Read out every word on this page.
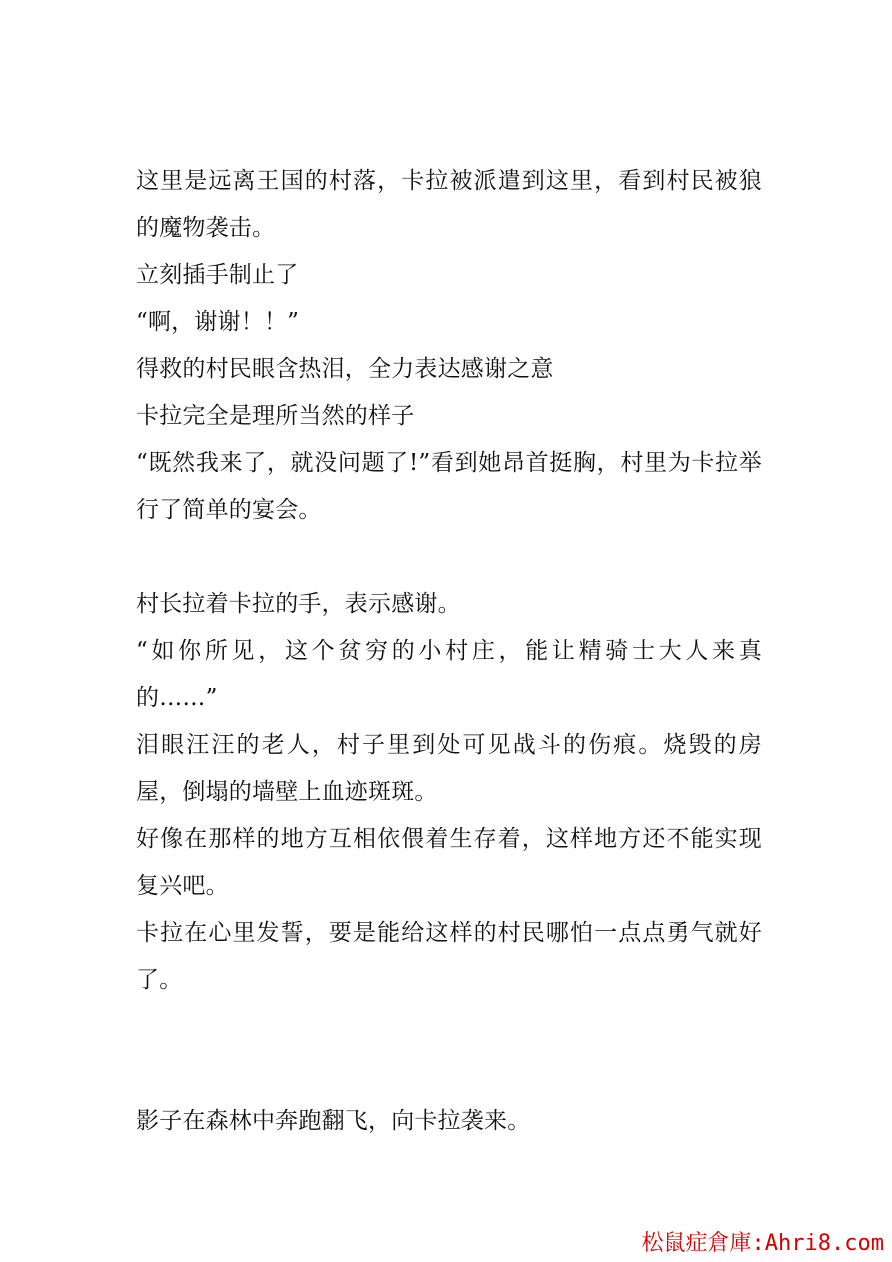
这里是远离王国的村落，卡拉被派遣到这里，看到村民被狼的魔物袭击。

立刻插手制止了

“啊，谢谢！！”

得救的村民眼含热泪，全力表达感谢之意

卡拉完全是理所当然的样子

“既然我来了，就没问题了!”看到她昂首挺胸，村里为卡拉举行了简单的宴会。

村长拉着卡拉的手，表示感谢。

“如你所见，这个贫穷的小村庄，能让精骑士大人来真的……”

泪眼汪汪的老人，村子里到处可见战斗的伤痕。烧毁的房屋，倒塌的墙壁上血迹斑斑。

好像在那样的地方互相依偎着生存着，这样地方还不能实现复兴吧。

卡拉在心里发誓，要是能给这样的村民哪怕一点点勇气就好了。

影子在森林中奔跑翻飞，向卡拉袭来。

松鼠症倉庫:Ahri8.com
